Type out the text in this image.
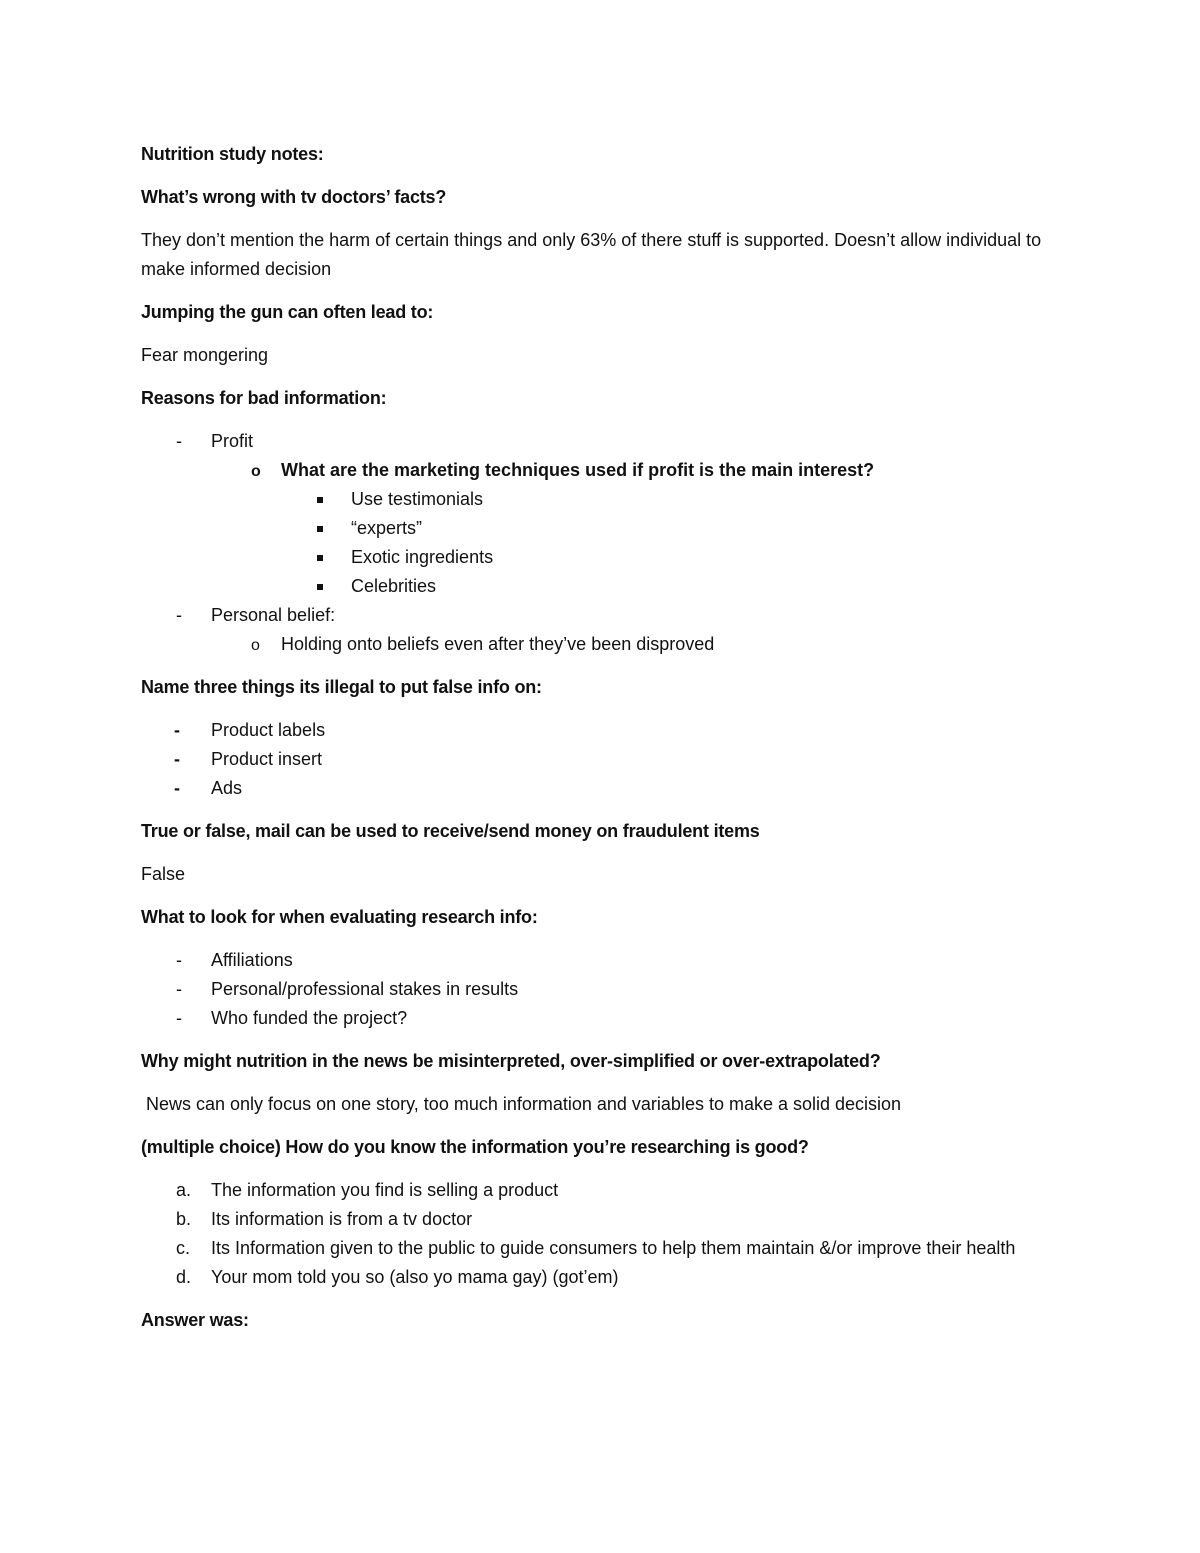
Nutrition study notes:

What’s wrong with tv doctors’ facts?

They don’t mention the harm of certain things and only 63% of there stuff is supported. Doesn’t allow individual to make informed decision

Jumping the gun can often lead to:

Fear mongering

Reasons for bad information:

-	Profit
o What are the marketing techniques used if profit is the main interest?
Use testimonials
“experts”
Exotic ingredients
Celebrities
-	Personal belief:
o Holding onto beliefs even after they’ve been disproved

Name three things its illegal to put false info on:

- Product labels
- Product insert
- Ads

True or false, mail can be used to receive/send money on fraudulent items

False

What to look for when evaluating research info:

-	Affiliations
-	Personal/professional stakes in results
-	Who funded the project?

Why might nutrition in the news be misinterpreted, over-simplified or over-extrapolated?

News can only focus on one story, too much information and variables to make a solid decision

(multiple choice) How do you know the information you’re researching is good?

a. The information you find is selling a product
b. Its information is from a tv doctor
c. Its Information given to the public to guide consumers to help them maintain &/or improve their health
d. Your mom told you so (also yo mama gay) (got’em)

Answer was:
